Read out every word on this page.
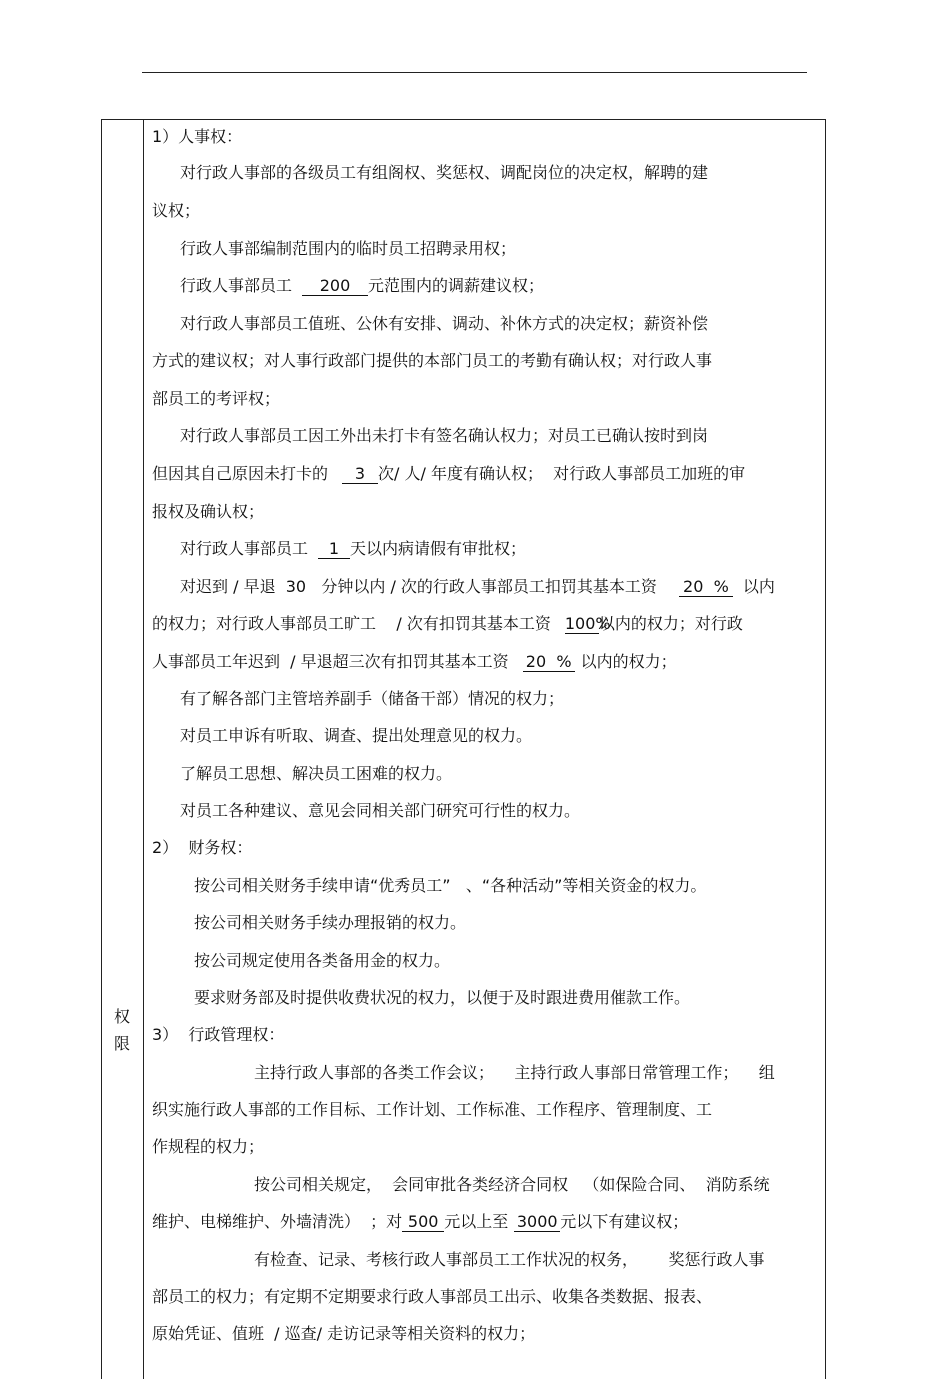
权
限
1）人事权：
对行政人事部的各级员工有组阁权、奖惩权、调配岗位的决定权，解聘的建
议权；
行政人事部编制范围内的临时员工招聘录用权；
行政人事部员工 200 元范围内的调薪建议权；
对行政人事部员工值班、公休有安排、调动、补休方式的决定权；薪资补偿
方式的建议权；对人事行政部门提供的本部门员工的考勤有确认权；对行政人事
部员工的考评权；
对行政人事部员工因工外出未打卡有签名确认权力；对员工已确认按时到岗
但因其自己原因未打卡的 3 次/ 人/ 年度有确认权；  对行政人事部员工加班的审
报权及确认权；
对行政人事部员工 1 天以内病请假有审批权；
对迟到 / 早退  30   分钟以内 / 次的行政人事部员工扣罚其基本工资 20  % 以内
的权力；对行政人事部员工旷工    / 次有扣罚其基本工资 100%以内的权力；对行政
人事部员工年迟到  / 早退超三次有扣罚其基本工资 20  % 以内的权力；
有了解各部门主管培养副手（储备干部）情况的权力；
对员工申诉有听取、调查、提出处理意见的权力。
了解员工思想、解决员工困难的权力。
对员工各种建议、意见会同相关部门研究可行性的权力。
2）  财务权：
按公司相关财务手续申请“优秀员工”   、“各种活动”等相关资金的权力。
按公司相关财务手续办理报销的权力。
按公司规定使用各类备用金的权力。
要求财务部及时提供收费状况的权力，以便于及时跟进费用催款工作。
3）  行政管理权：
主持行政人事部的各类工作会议；    主持行政人事部日常管理工作；    组
织实施行政人事部的工作目标、工作计划、工作标准、工作程序、管理制度、工
作规程的权力；
按公司相关规定，  会同审批各类经济合同权   （如保险合同、  消防系统
维护、电梯维护、外墙清洗）  ；对 500 元以上至 3000 元以下有建议权；
有检查、记录、考核行政人事部员工工作状况的权务，      奖惩行政人事
部员工的权力；有定期不定期要求行政人事部员工出示、收集各类数据、报表、
原始凭证、值班  / 巡查/ 走访记录等相关资料的权力；
